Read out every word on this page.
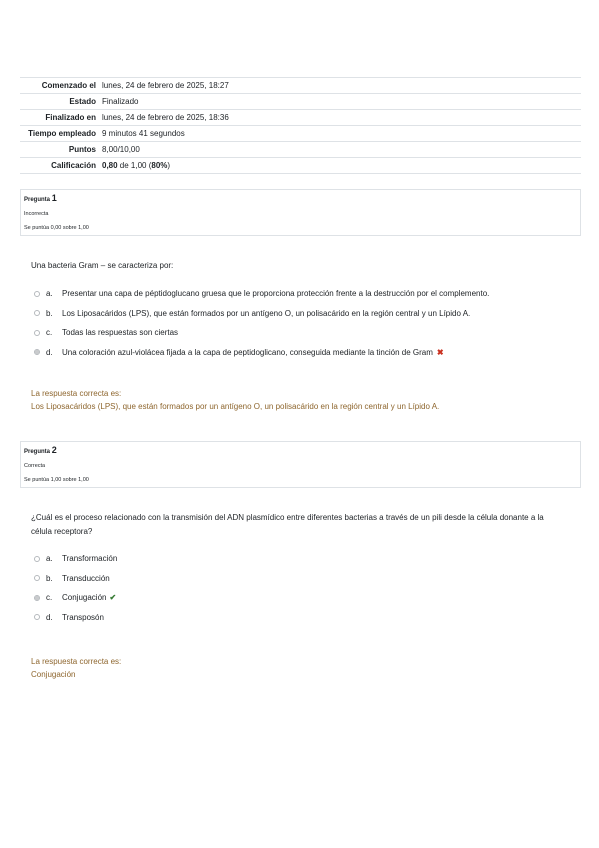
Comenzado el lunes, 24 de febrero de 2025, 18:27
Estado Finalizado
Finalizado en lunes, 24 de febrero de 2025, 18:36
Tiempo empleado 9 minutos 41 segundos
Puntos 8,00/10,00
Calificación 0,80 de 1,00 (80%)
Pregunta 1
Incorrecta
Se puntúa 0,00 sobre 1,00
Una bacteria Gram – se caracteriza por:
a.	Presentar una capa de péptidoglucano gruesa que le proporciona protección frente a la destrucción por el complemento.
b.	Los Liposacáridos (LPS), que están formados por un antígeno O, un polisacárido en la región central y un Lípido A.
c.	Todas las respuestas son ciertas
d.	Una coloración azul-violácea fijada a la capa de peptidoglicano, conseguida mediante la tinción de Gram ✖
La respuesta correcta es:
Los Liposacáridos (LPS), que están formados por un antígeno O, un polisacárido en la región central y un Lípido A.
Pregunta 2
Correcta
Se puntúa 1,00 sobre 1,00
¿Cuál es el proceso relacionado con la transmisión del ADN plasmídico entre diferentes bacterias a través de un pili desde la célula donante a la célula receptora?
a.	Transformación
b.	Transducción
c.	Conjugación ✔
d.	Transposón
La respuesta correcta es:
Conjugación
